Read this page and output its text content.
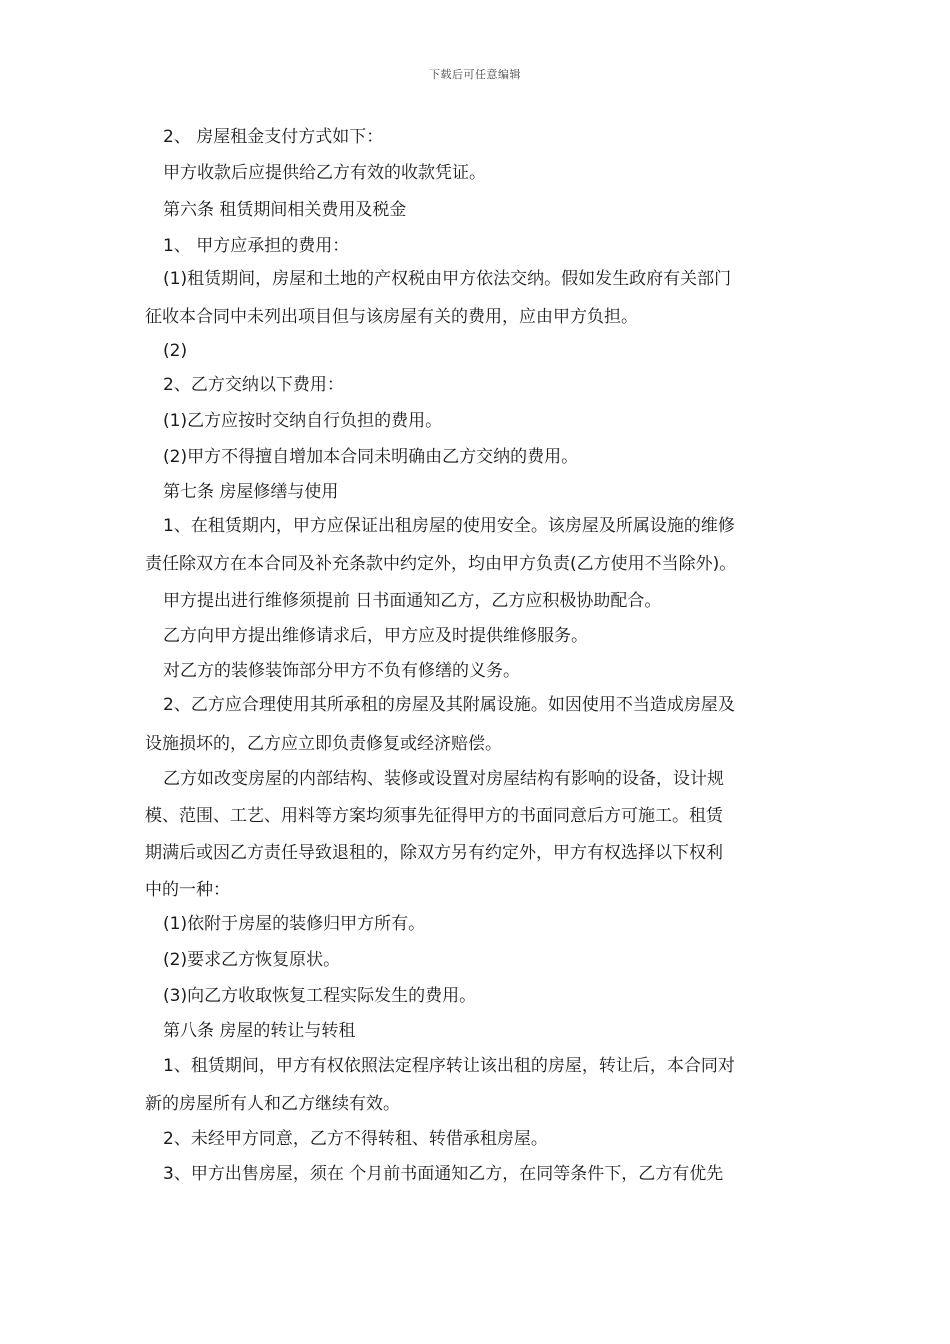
下载后可任意编辑
2、 房屋租金支付方式如下：
甲方收款后应提供给乙方有效的收款凭证。
第六条 租赁期间相关费用及税金
1、 甲方应承担的费用：
(1)租赁期间，房屋和土地的产权税由甲方依法交纳。假如发生政府有关部门
征收本合同中未列出项目但与该房屋有关的费用，应由甲方负担。
(2)
2、乙方交纳以下费用：
(1)乙方应按时交纳自行负担的费用。
(2)甲方不得擅自增加本合同未明确由乙方交纳的费用。
第七条 房屋修缮与使用
1、在租赁期内，甲方应保证出租房屋的使用安全。该房屋及所属设施的维修
责任除双方在本合同及补充条款中约定外，均由甲方负责(乙方使用不当除外)。
甲方提出进行维修须提前 日书面通知乙方，乙方应积极协助配合。
乙方向甲方提出维修请求后，甲方应及时提供维修服务。
对乙方的装修装饰部分甲方不负有修缮的义务。
2、乙方应合理使用其所承租的房屋及其附属设施。如因使用不当造成房屋及
设施损坏的，乙方应立即负责修复或经济赔偿。
乙方如改变房屋的内部结构、装修或设置对房屋结构有影响的设备，设计规
模、范围、工艺、用料等方案均须事先征得甲方的书面同意后方可施工。租赁
期满后或因乙方责任导致退租的，除双方另有约定外，甲方有权选择以下权利
中的一种：
(1)依附于房屋的装修归甲方所有。
(2)要求乙方恢复原状。
(3)向乙方收取恢复工程实际发生的费用。
第八条 房屋的转让与转租
1、租赁期间，甲方有权依照法定程序转让该出租的房屋，转让后，本合同对
新的房屋所有人和乙方继续有效。
2、未经甲方同意，乙方不得转租、转借承租房屋。
3、甲方出售房屋，须在 个月前书面通知乙方，在同等条件下，乙方有优先
